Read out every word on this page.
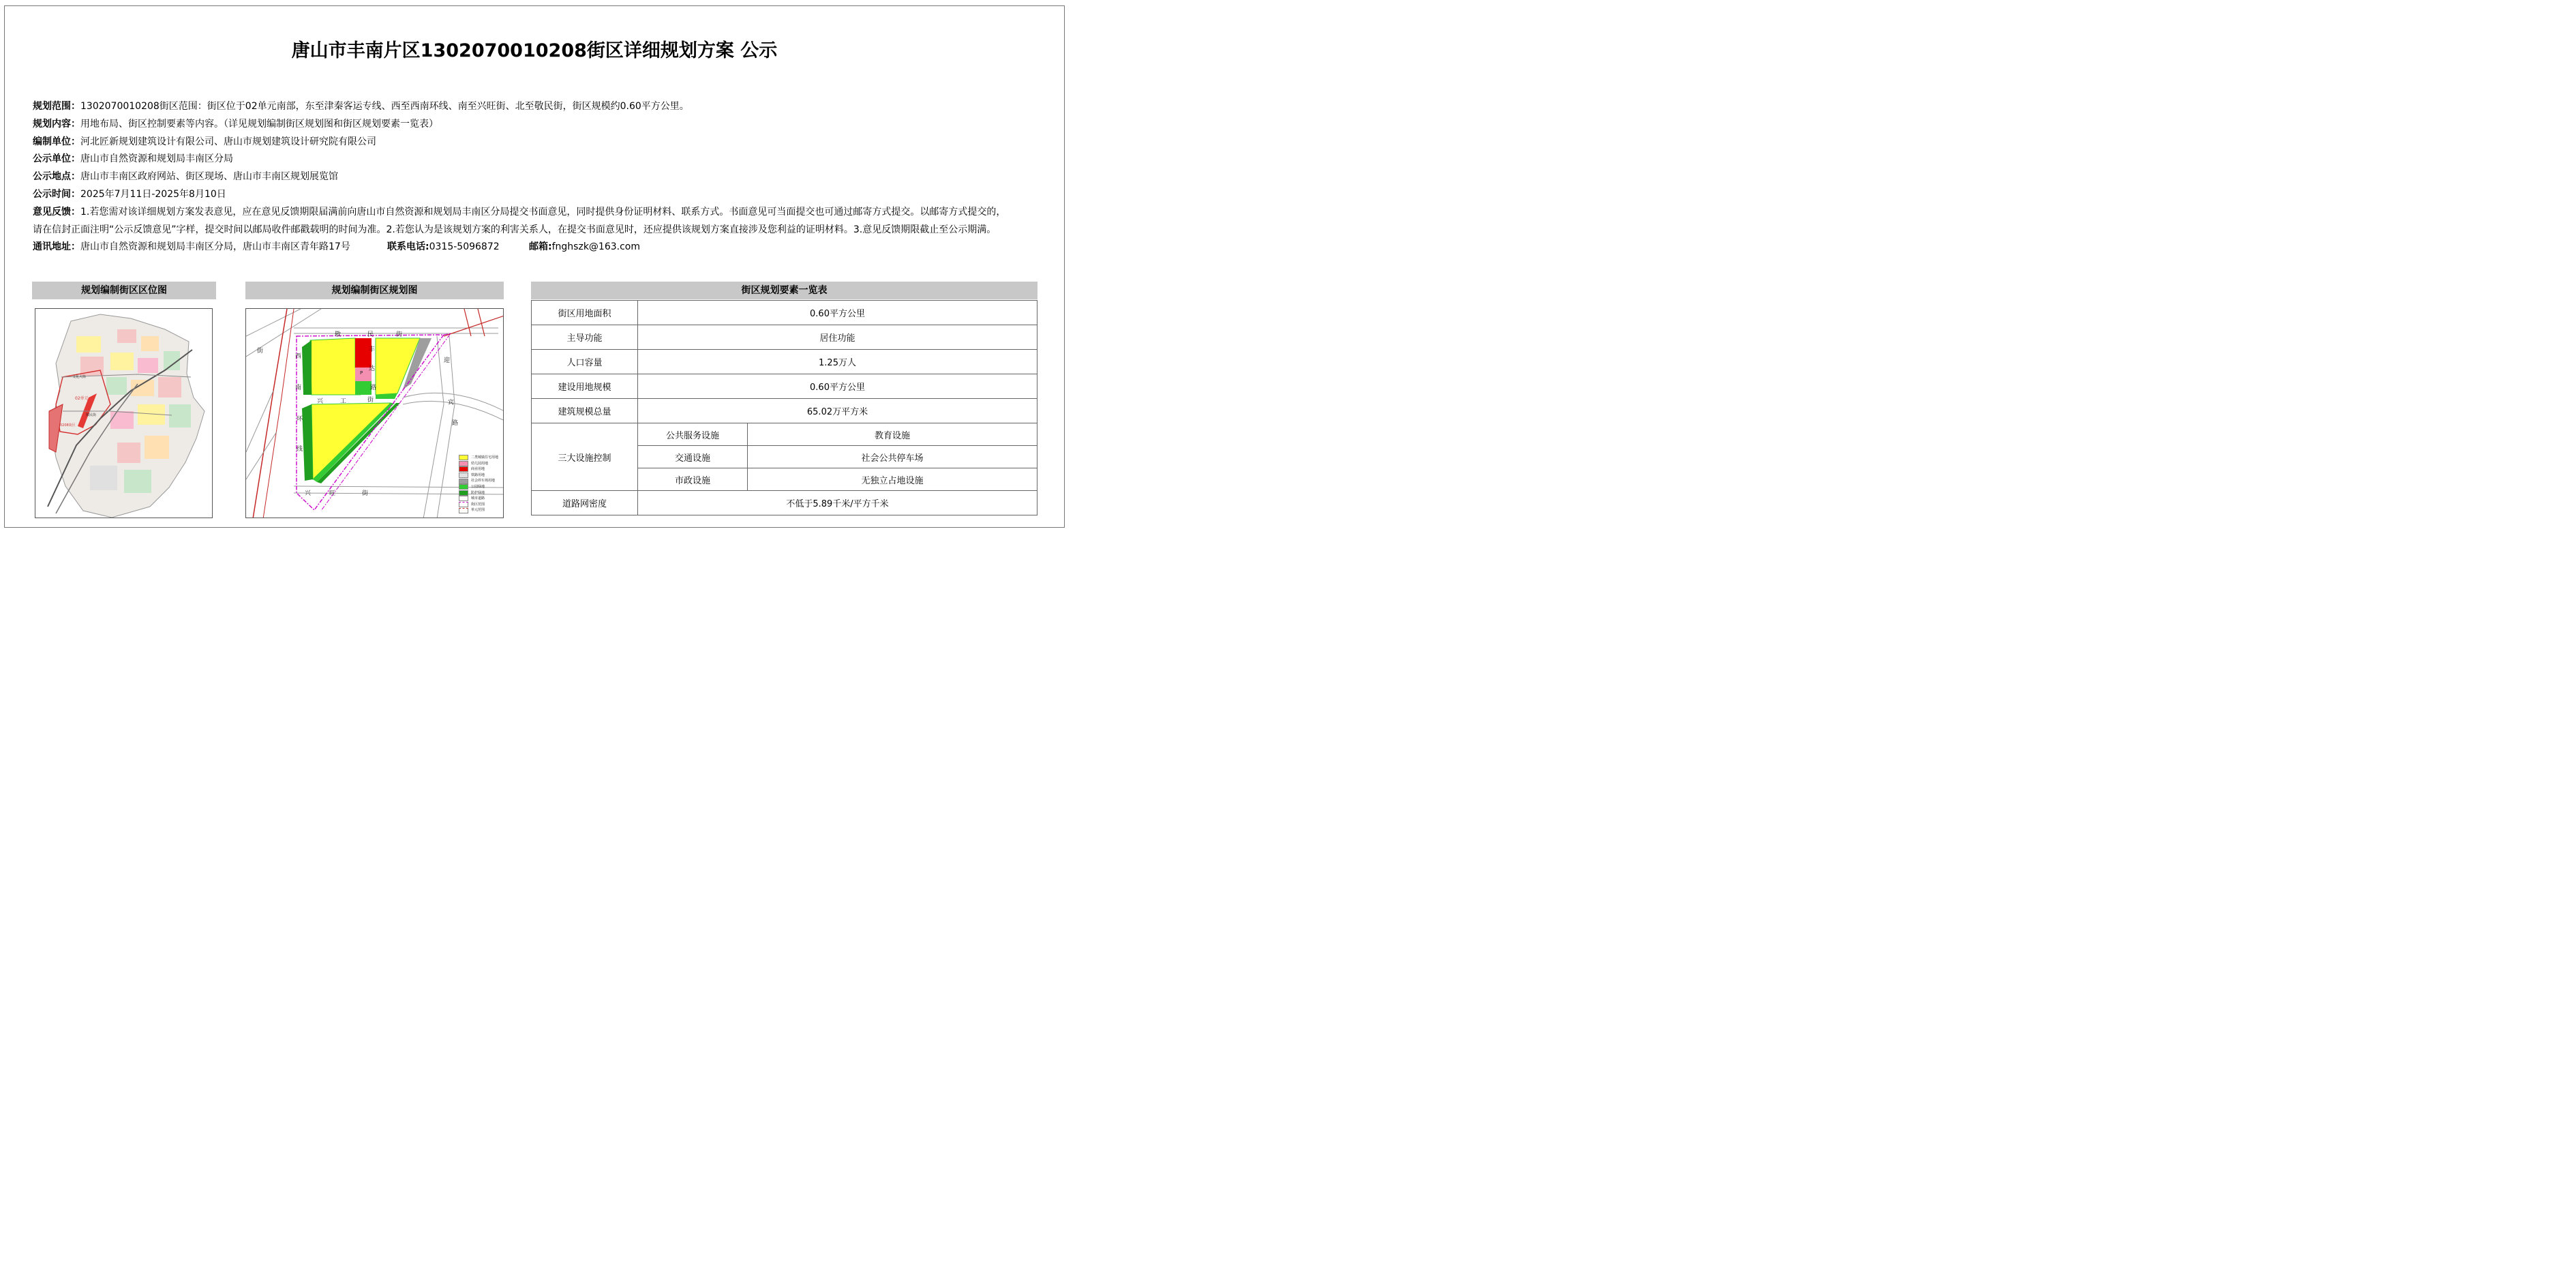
唐山市丰南片区1302070010208街区详细规划方案 公示
规划范围：1302070010208街区范围：街区位于02单元南部，东至津秦客运专线、西至西南环线、南至兴旺街、北至敬民街，街区规模约0.60平方公里。
规划内容：用地布局、街区控制要素等内容。（详见规划编制街区规划图和街区规划要素一览表）
编制单位：河北匠新规划建筑设计有限公司、唐山市规划建筑设计研究院有限公司
公示单位：唐山市自然资源和规划局丰南区分局
公示地点：唐山市丰南区政府网站、街区现场、唐山市丰南区规划展览馆
公示时间：2025年7月11日-2025年8月10日
意见反馈：1.若您需对该详细规划方案发表意见，应在意见反馈期限届满前向唐山市自然资源和规划局丰南区分局提交书面意见，同时提供身份证明材料、联系方式。书面意见可当面提交也可通过邮寄方式提交。以邮寄方式提交的，
请在信封正面注明“公示反馈意见”字样，提交时间以邮局收件邮戳载明的时间为准。2.若您认为是该规划方案的利害关系人，在提交书面意见时，还应提供该规划方案直接涉及您利益的证明材料。3.意见反馈期限截止至公示期满。
通讯地址：唐山市自然资源和规划局丰南区分局，唐山市丰南区青年路17号	联系电话:0315-5096872	邮箱:fnghszk@163.com
规划编制街区区位图	规划编制街区规划图	街区规划要素一览表
02单元
0208街区
文化大街
敬民街
敬	民	街
丰
达
路
西
南
环
线
兴	工	街
迎
宾
路
兴	旺	街
街
P
二类城镇住宅用地
幼儿园用地
商业用地
铁路用地
社会停车场用地
公园绿地
防护绿地
城市道路
街区范围
单元范围
街区用地面积	0.60平方公里	
主导功能	居住功能	
人口容量	1.25万人	
建设用地规模	0.60平方公里	
建筑规模总量	65.02万平方米	
三大设施控制	公共服务设施	教育设施
	交通设施	社会公共停车场
	市政设施	无独立占地设施
道路网密度	不低于5.89千米/平方千米	
